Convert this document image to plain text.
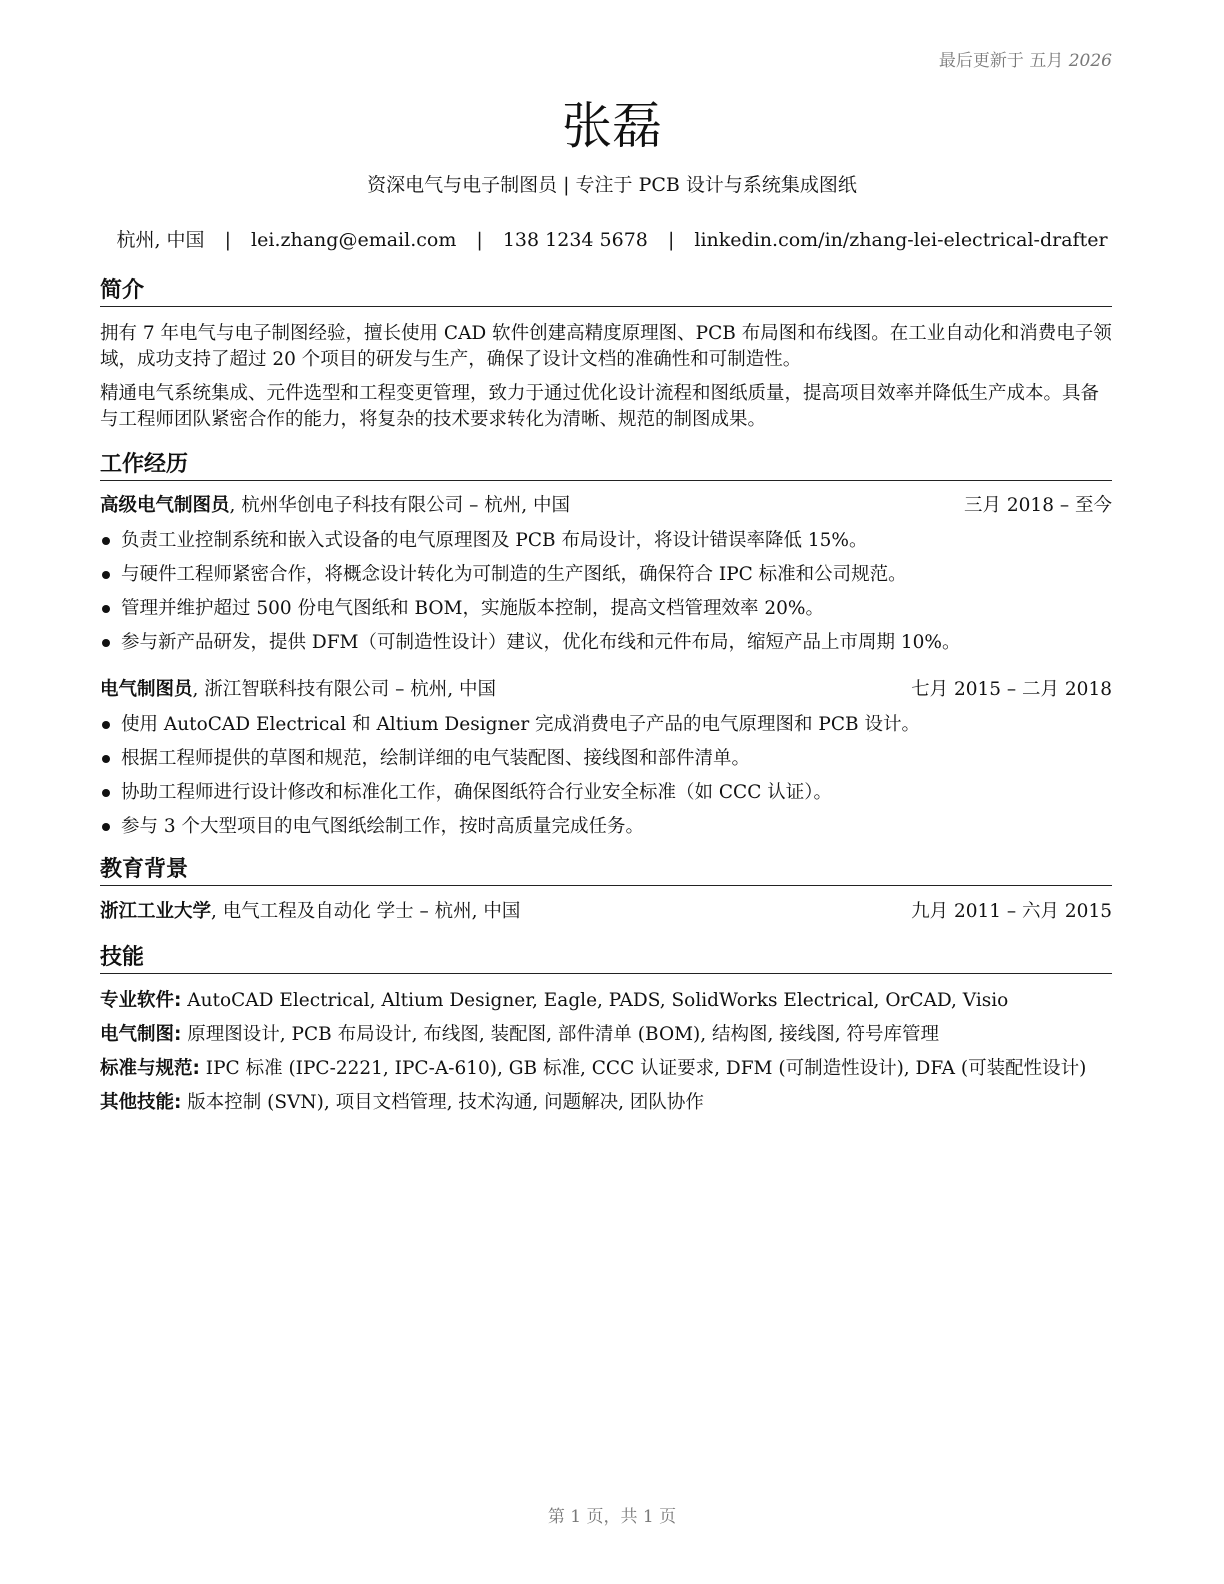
最后更新于 五月 2026
张磊
资深电气与电子制图员 | 专注于 PCB 设计与系统集成图纸
杭州, 中国 | lei.zhang@email.com | 138 1234 5678 | linkedin.com/in/zhang-lei-electrical-drafter
简介
拥有 7 年电气与电子制图经验，擅长使用 CAD 软件创建高精度原理图、PCB 布局图和布线图。在工业自动化和消费电子领域，成功支持了超过 20 个项目的研发与生产，确保了设计文档的准确性和可制造性。
精通电气系统集成、元件选型和工程变更管理，致力于通过优化设计流程和图纸质量，提高项目效率并降低生产成本。具备与工程师团队紧密合作的能力，将复杂的技术要求转化为清晰、规范的制图成果。
工作经历
高级电气制图员, 杭州华创电子科技有限公司 – 杭州, 中国	三月 2018 – 至今
负责工业控制系统和嵌入式设备的电气原理图及 PCB 布局设计，将设计错误率降低 15%。
与硬件工程师紧密合作，将概念设计转化为可制造的生产图纸，确保符合 IPC 标准和公司规范。
管理并维护超过 500 份电气图纸和 BOM，实施版本控制，提高文档管理效率 20%。
参与新产品研发，提供 DFM（可制造性设计）建议，优化布线和元件布局，缩短产品上市周期 10%。
电气制图员, 浙江智联科技有限公司 – 杭州, 中国	七月 2015 – 二月 2018
使用 AutoCAD Electrical 和 Altium Designer 完成消费电子产品的电气原理图和 PCB 设计。
根据工程师提供的草图和规范，绘制详细的电气装配图、接线图和部件清单。
协助工程师进行设计修改和标准化工作，确保图纸符合行业安全标准（如 CCC 认证）。
参与 3 个大型项目的电气图纸绘制工作，按时高质量完成任务。
教育背景
浙江工业大学, 电气工程及自动化 学士 – 杭州, 中国	九月 2011 – 六月 2015
技能
专业软件: AutoCAD Electrical, Altium Designer, Eagle, PADS, SolidWorks Electrical, OrCAD, Visio
电气制图: 原理图设计, PCB 布局设计, 布线图, 装配图, 部件清单 (BOM), 结构图, 接线图, 符号库管理
标准与规范: IPC 标准 (IPC-2221, IPC-A-610), GB 标准, CCC 认证要求, DFM (可制造性设计), DFA (可装配性设计)
其他技能: 版本控制 (SVN), 项目文档管理, 技术沟通, 问题解决, 团队协作
第 1 页，共 1 页
